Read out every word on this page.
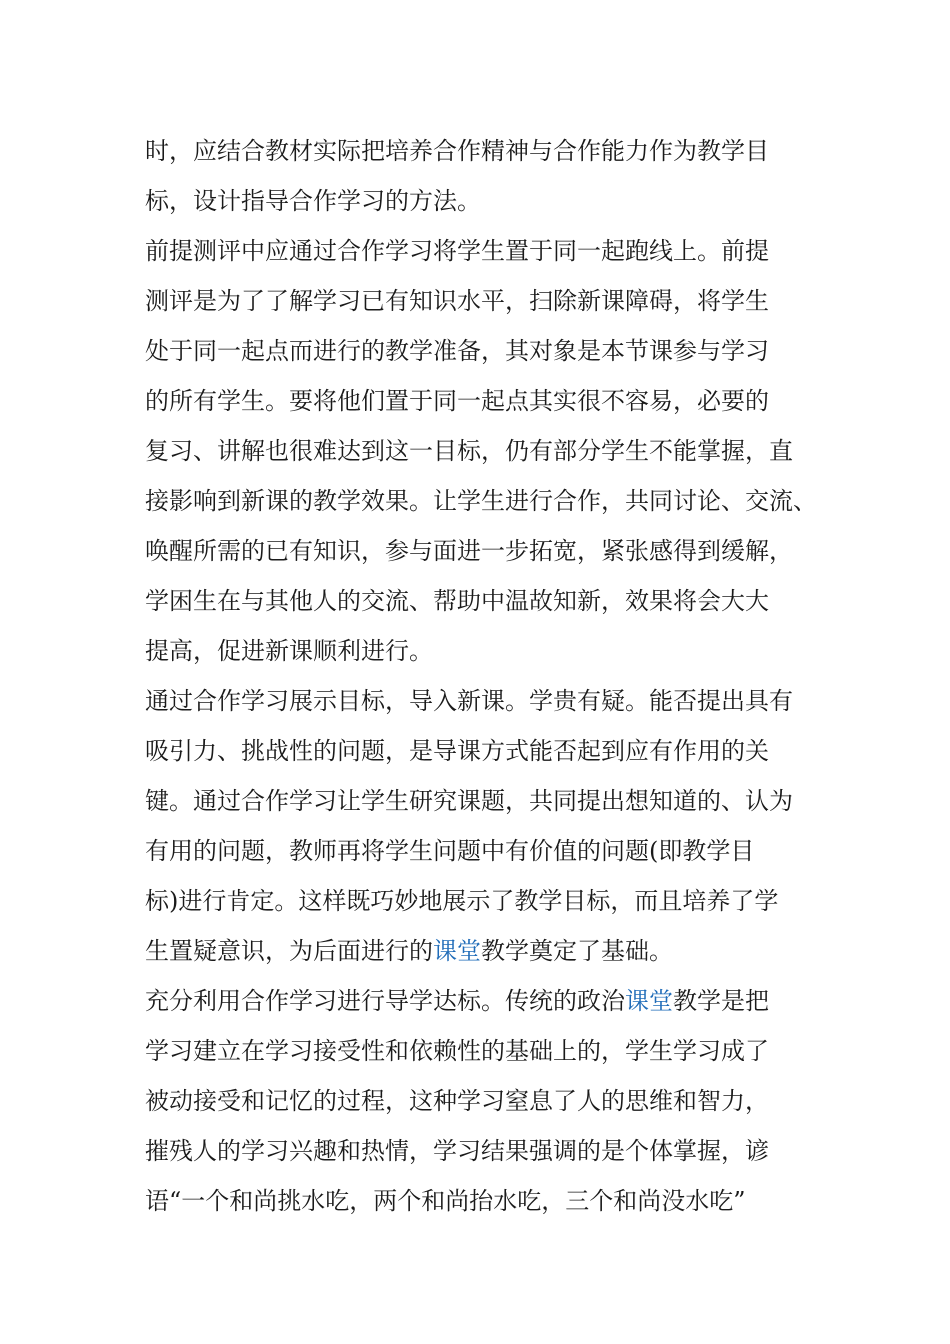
时，应结合教材实际把培养合作精神与合作能力作为教学目
标，设计指导合作学习的方法。
前提测评中应通过合作学习将学生置于同一起跑线上。前提
测评是为了了解学习已有知识水平，扫除新课障碍，将学生
处于同一起点而进行的教学准备，其对象是本节课参与学习
的所有学生。要将他们置于同一起点其实很不容易，必要的
复习、讲解也很难达到这一目标，仍有部分学生不能掌握，直
接影响到新课的教学效果。让学生进行合作，共同讨论、交流、
唤醒所需的已有知识，参与面进一步拓宽，紧张感得到缓解，
学困生在与其他人的交流、帮助中温故知新，效果将会大大
提高，促进新课顺利进行。
通过合作学习展示目标，导入新课。学贵有疑。能否提出具有
吸引力、挑战性的问题，是导课方式能否起到应有作用的关
键。通过合作学习让学生研究课题，共同提出想知道的、认为
有用的问题，教师再将学生问题中有价值的问题(即教学目
标)进行肯定。这样既巧妙地展示了教学目标，而且培养了学
生置疑意识，为后面进行的课堂教学奠定了基础。
充分利用合作学习进行导学达标。传统的政治课堂教学是把
学习建立在学习接受性和依赖性的基础上的，学生学习成了
被动接受和记忆的过程，这种学习窒息了人的思维和智力，
摧残人的学习兴趣和热情，学习结果强调的是个体掌握，谚
语“一个和尚挑水吃，两个和尚抬水吃，三个和尚没水吃”
